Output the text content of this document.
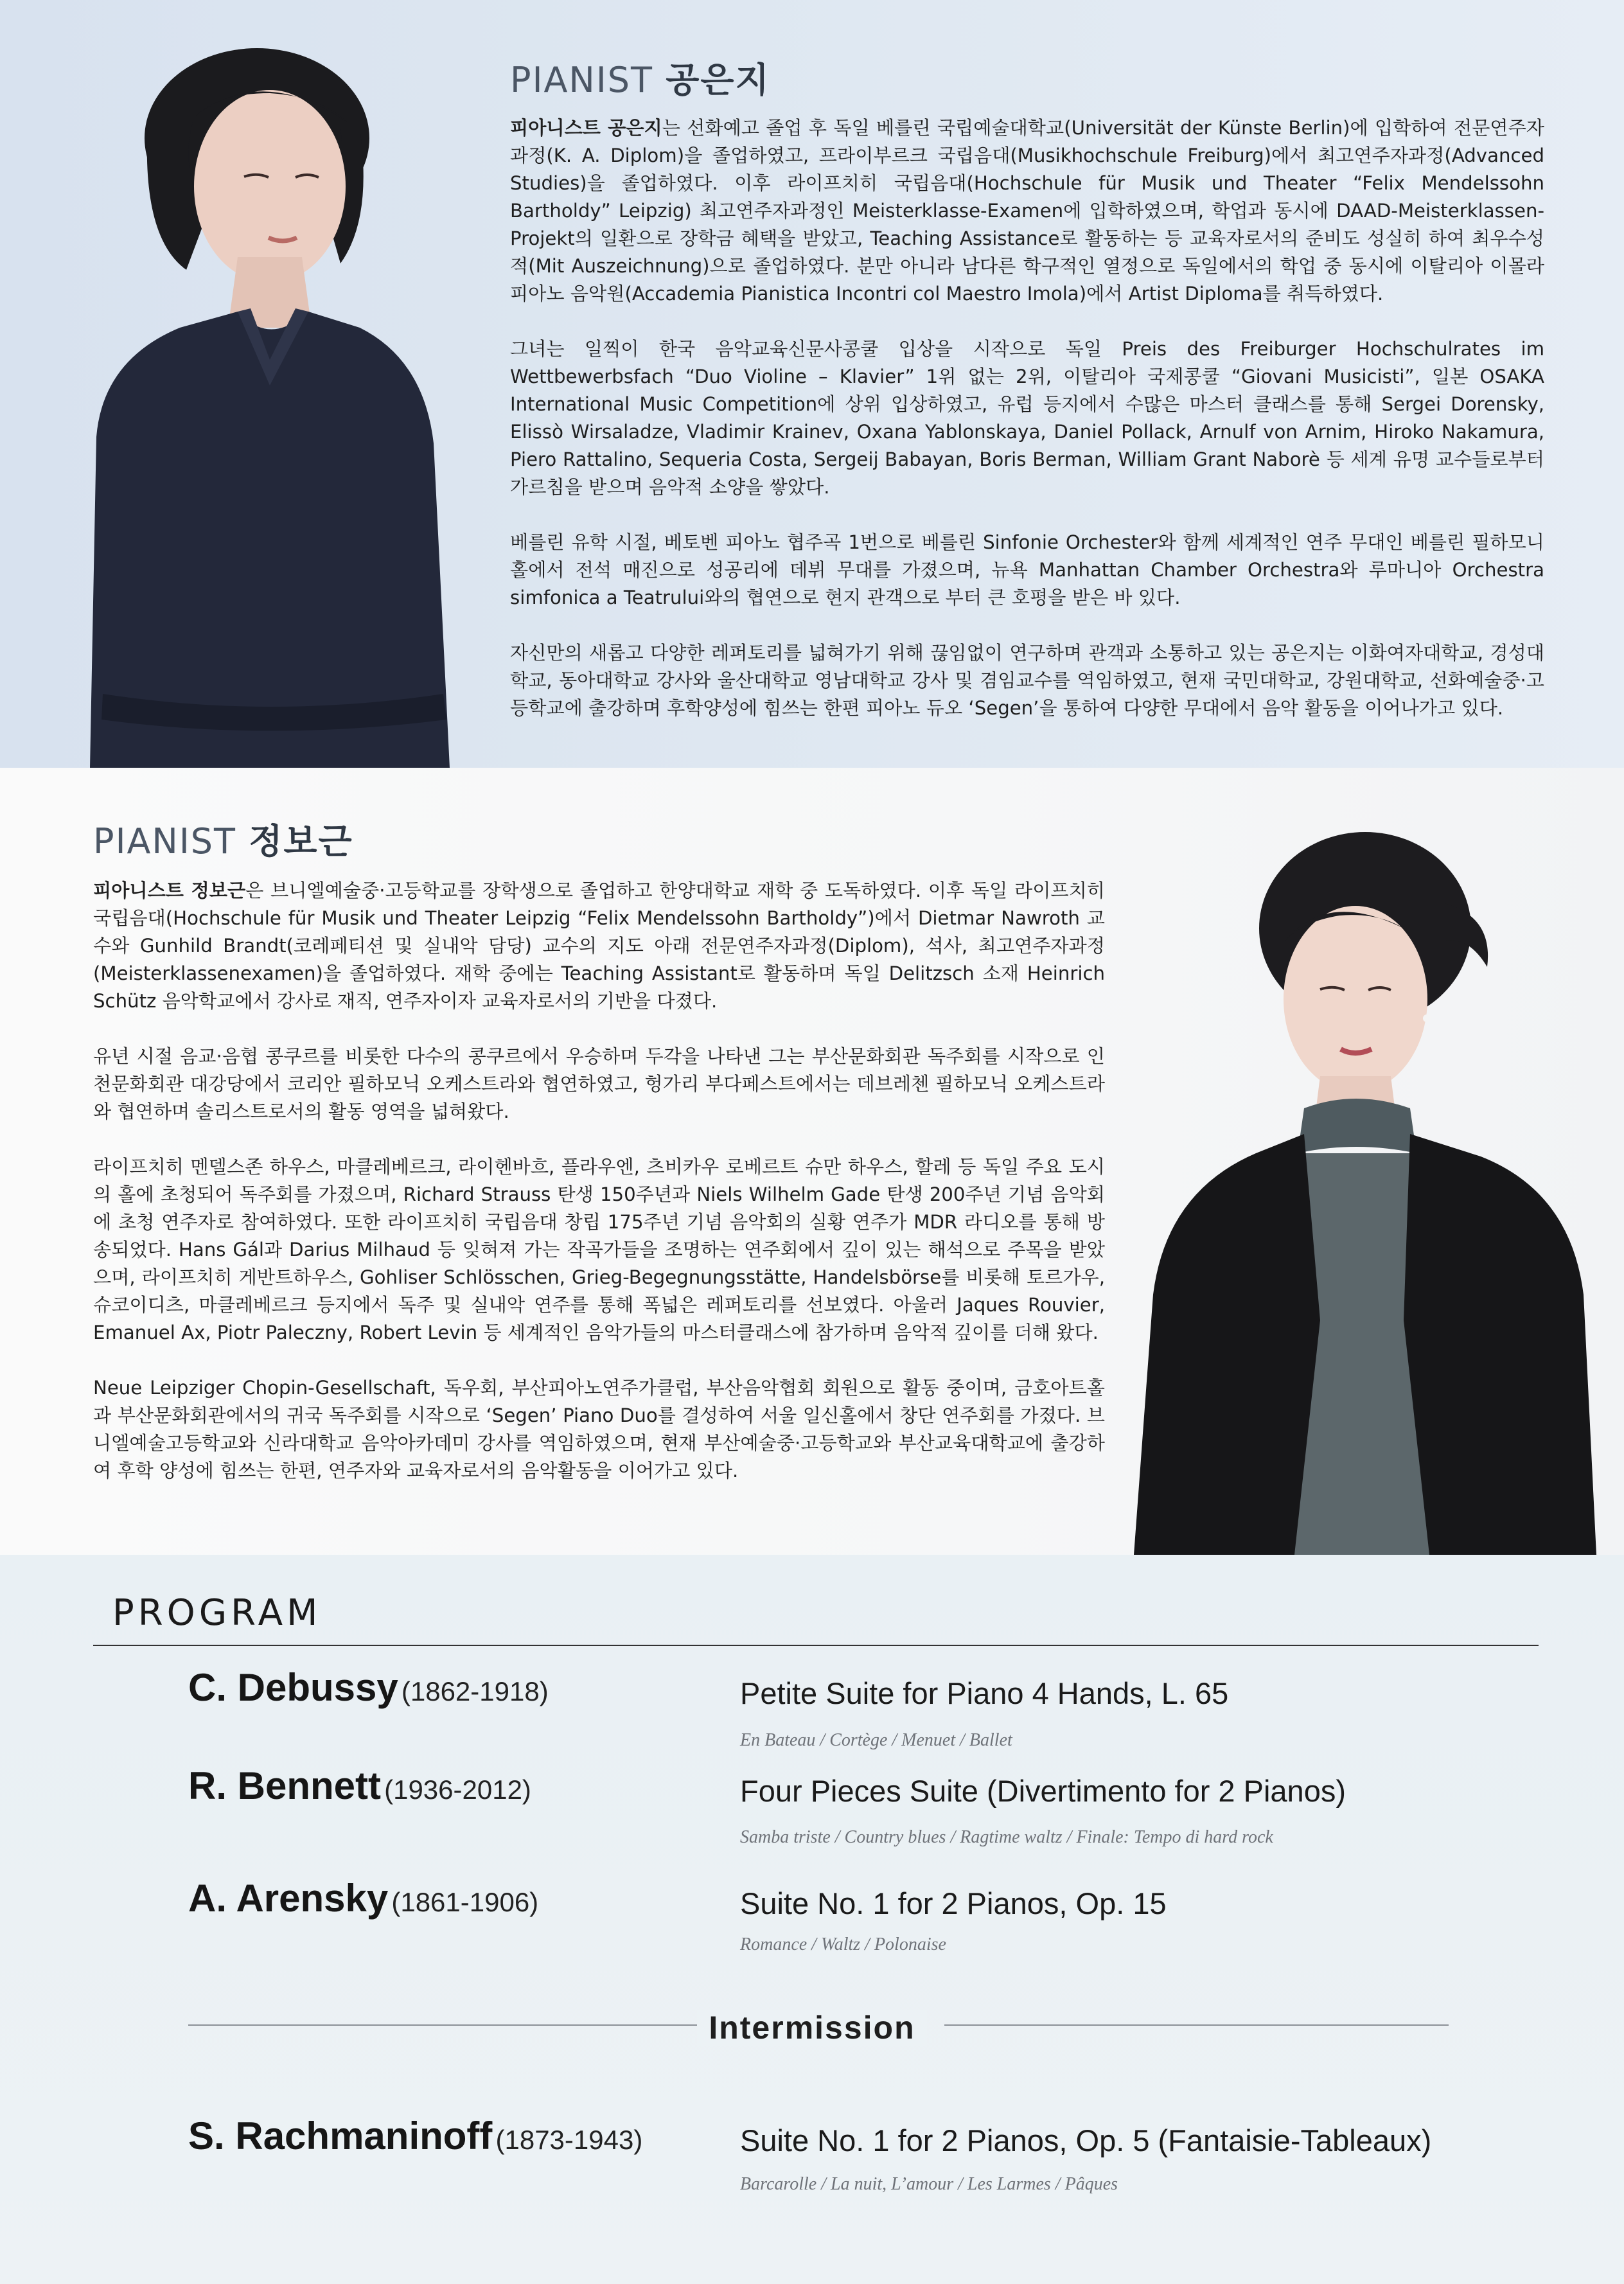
PIANIST 공은지

피아니스트 공은지는 선화예고 졸업 후 독일 베를린 국립예술대학교(Universität der Künste Berlin)에 입학하여 전문연주자과정(K. A. Diplom)을 졸업하였고, 프라이부르크 국립음대(Musikhochschule Freiburg)에서 최고연주자과정(Advanced Studies)을 졸업하였다. 이후 라이프치히 국립음대(Hochschule für Musik und Theater “Felix Mendelssohn Bartholdy” Leipzig) 최고연주자과정인 Meisterklasse-Examen에 입학하였으며, 학업과 동시에 DAAD-Meisterklassen-Projekt의 일환으로 장학금 혜택을 받았고, Teaching Assistance로 활동하는 등 교육자로서의 준비도 성실히 하여 최우수성적(Mit Auszeichnung)으로 졸업하였다. 분만 아니라 남다른 학구적인 열정으로 독일에서의 학업 중 동시에 이탈리아 이몰라 피아노 음악원(Accademia Pianistica Incontri col Maestro Imola)에서 Artist Diploma를 취득하였다.

그녀는 일찍이 한국 음악교육신문사콩쿨 입상을 시작으로 독일 Preis des Freiburger Hochschulrates im Wettbewerbsfach “Duo Violine – Klavier” 1위 없는 2위, 이탈리아 국제콩쿨 “Giovani Musicisti”, 일본 OSAKA International Music Competition에 상위 입상하였고, 유럽 등지에서 수많은 마스터 클래스를 통해 Sergei Dorensky, Elissò Wirsaladze, Vladimir Krainev, Oxana Yablonskaya, Daniel Pollack, Arnulf von Arnim, Hiroko Nakamura, Piero Rattalino, Sequeria Costa, Sergeij Babayan, Boris Berman, William Grant Naborè 등 세계 유명 교수들로부터 가르침을 받으며 음악적 소양을 쌓았다.

베를린 유학 시절, 베토벤 피아노 협주곡 1번으로 베를린 Sinfonie Orchester와 함께 세계적인 연주 무대인 베를린 필하모니홀에서 전석 매진으로 성공리에 데뷔 무대를 가졌으며, 뉴욕 Manhattan Chamber Orchestra와 루마니아 Orchestra simfonica a Teatrului와의 협연으로 현지 관객으로 부터 큰 호평을 받은 바 있다.

자신만의 새롭고 다양한 레퍼토리를 넓혀가기 위해 끊임없이 연구하며 관객과 소통하고 있는 공은지는 이화여자대학교, 경성대학교, 동아대학교 강사와 울산대학교 영남대학교 강사 및 겸임교수를 역임하였고, 현재 국민대학교, 강원대학교, 선화예술중·고등학교에 출강하며 후학양성에 힘쓰는 한편 피아노 듀오 ‘Segen’을 통하여 다양한 무대에서 음악 활동을 이어나가고 있다.

PIANIST 정보근

피아니스트 정보근은 브니엘예술중·고등학교를 장학생으로 졸업하고 한양대학교 재학 중 도독하였다. 이후 독일 라이프치히 국립음대(Hochschule für Musik und Theater Leipzig “Felix Mendelssohn Bartholdy”)에서 Dietmar Nawroth 교수와 Gunhild Brandt(코레페티션 및 실내악 담당) 교수의 지도 아래 전문연주자과정(Diplom), 석사, 최고연주자과정(Meisterklassenexamen)을 졸업하였다. 재학 중에는 Teaching Assistant로 활동하며 독일 Delitzsch 소재 Heinrich Schütz 음악학교에서 강사로 재직, 연주자이자 교육자로서의 기반을 다졌다.

유년 시절 음교·음협 콩쿠르를 비롯한 다수의 콩쿠르에서 우승하며 두각을 나타낸 그는 부산문화회관 독주회를 시작으로 인천문화회관 대강당에서 코리안 필하모닉 오케스트라와 협연하였고, 헝가리 부다페스트에서는 데브레첸 필하모닉 오케스트라와 협연하며 솔리스트로서의 활동 영역을 넓혀왔다.

라이프치히 멘델스존 하우스, 마클레베르크, 라이헨바흐, 플라우엔, 츠비카우 로베르트 슈만 하우스, 할레 등 독일 주요 도시의 홀에 초청되어 독주회를 가졌으며, Richard Strauss 탄생 150주년과 Niels Wilhelm Gade 탄생 200주년 기념 음악회에 초청 연주자로 참여하였다. 또한 라이프치히 국립음대 창립 175주년 기념 음악회의 실황 연주가 MDR 라디오를 통해 방송되었다. Hans Gál과 Darius Milhaud 등 잊혀져 가는 작곡가들을 조명하는 연주회에서 깊이 있는 해석으로 주목을 받았으며, 라이프치히 게반트하우스, Gohliser Schlösschen, Grieg-Begegnungsstätte, Handelsbörse를 비롯해 토르가우, 슈코이디츠, 마클레베르크 등지에서 독주 및 실내악 연주를 통해 폭넓은 레퍼토리를 선보였다. 아울러 Jaques Rouvier, Emanuel Ax, Piotr Paleczny, Robert Levin 등 세계적인 음악가들의 마스터클래스에 참가하며 음악적 깊이를 더해 왔다.

Neue Leipziger Chopin-Gesellschaft, 독우회, 부산피아노연주가클럽, 부산음악협회 회원으로 활동 중이며, 금호아트홀과 부산문화회관에서의 귀국 독주회를 시작으로 ‘Segen’ Piano Duo를 결성하여 서울 일신홀에서 창단 연주회를 가졌다. 브니엘예술고등학교와 신라대학교 음악아카데미 강사를 역임하였으며, 현재 부산예술중·고등학교와 부산교육대학교에 출강하여 후학 양성에 힘쓰는 한편, 연주자와 교육자로서의 음악활동을 이어가고 있다.

PROGRAM
C. Debussy (1862-1918)	Petite Suite for Piano 4 Hands, L. 65
En Bateau / Cortège / Menuet / Ballet
R. Bennett (1936-2012)	Four Pieces Suite (Divertimento for 2 Pianos)
Samba triste / Country blues / Ragtime waltz / Finale: Tempo di hard rock
A. Arensky (1861-1906)	Suite No. 1 for 2 Pianos, Op. 15
Romance / Waltz / Polonaise
Intermission
S. Rachmaninoff (1873-1943)	Suite No. 1 for 2 Pianos, Op. 5 (Fantaisie-Tableaux)
Barcarolle / La nuit, L’amour / Les Larmes / Pâques
